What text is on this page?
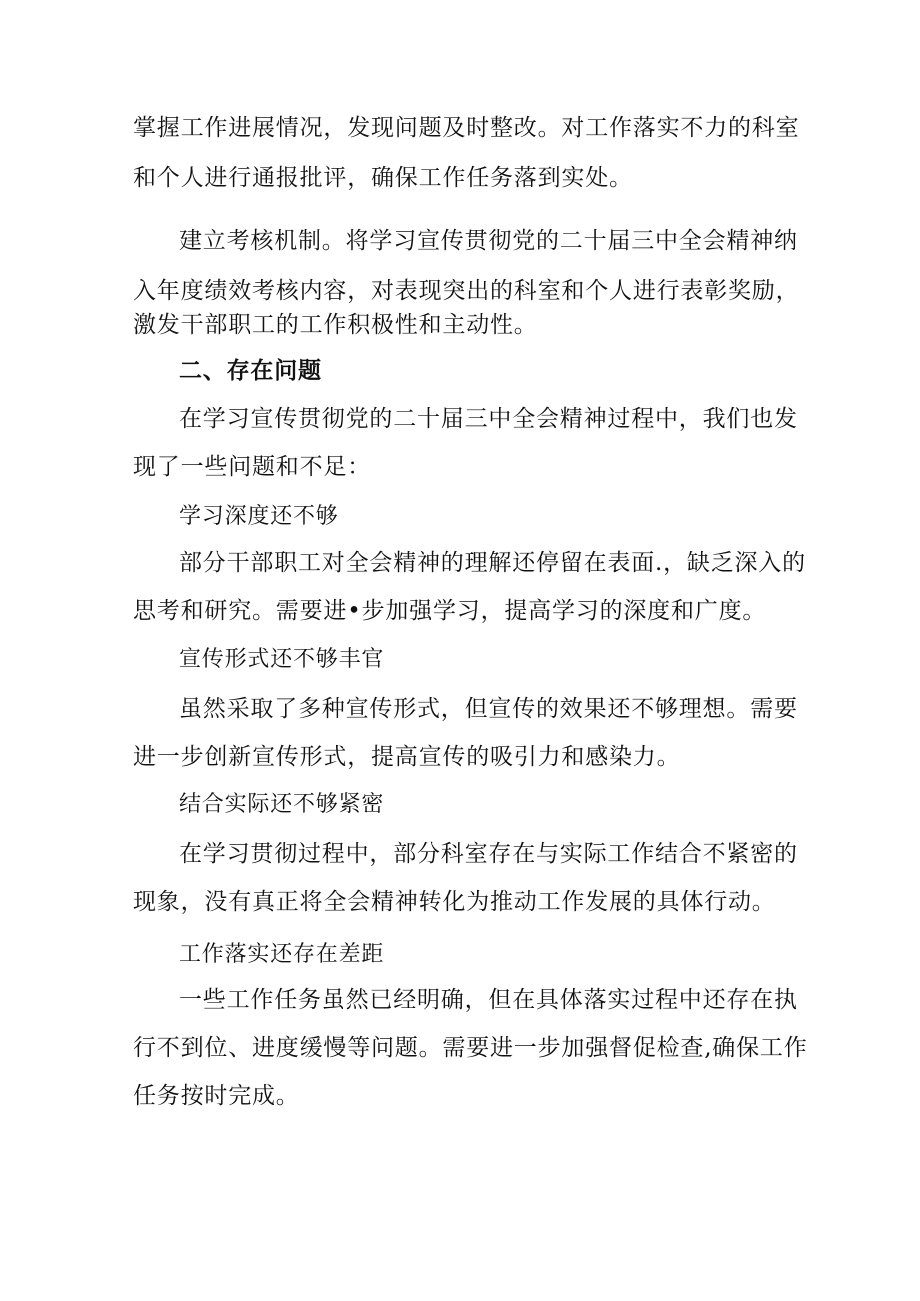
掌握工作进展情况，发现问题及时整改。对工作落实不力的科室
和个人进行通报批评，确保工作任务落到实处。
建立考核机制。将学习宣传贯彻党的二十届三中全会精神纳
入年度绩效考核内容，对表现突出的科室和个人进行表彰奖励，
激发干部职工的工作积极性和主动性。
二、存在问题
在学习宣传贯彻党的二十届三中全会精神过程中，我们也发
现了一些问题和不足：
学习深度还不够
部分干部职工对全会精神的理解还停留在表面.，缺乏深入的
思考和研究。需要进•步加强学习，提高学习的深度和广度。
宣传形式还不够丰官
虽然采取了多种宣传形式，但宣传的效果还不够理想。需要
进一步创新宣传形式，提高宣传的吸引力和感染力。
结合实际还不够紧密
在学习贯彻过程中，部分科室存在与实际工作结合不紧密的
现象，没有真正将全会精神转化为推动工作发展的具体行动。
工作落实还存在差距
一些工作任务虽然已经明确，但在具体落实过程中还存在执
行不到位、进度缓慢等问题。需要进一步加强督促检查,确保工作
任务按时完成。
